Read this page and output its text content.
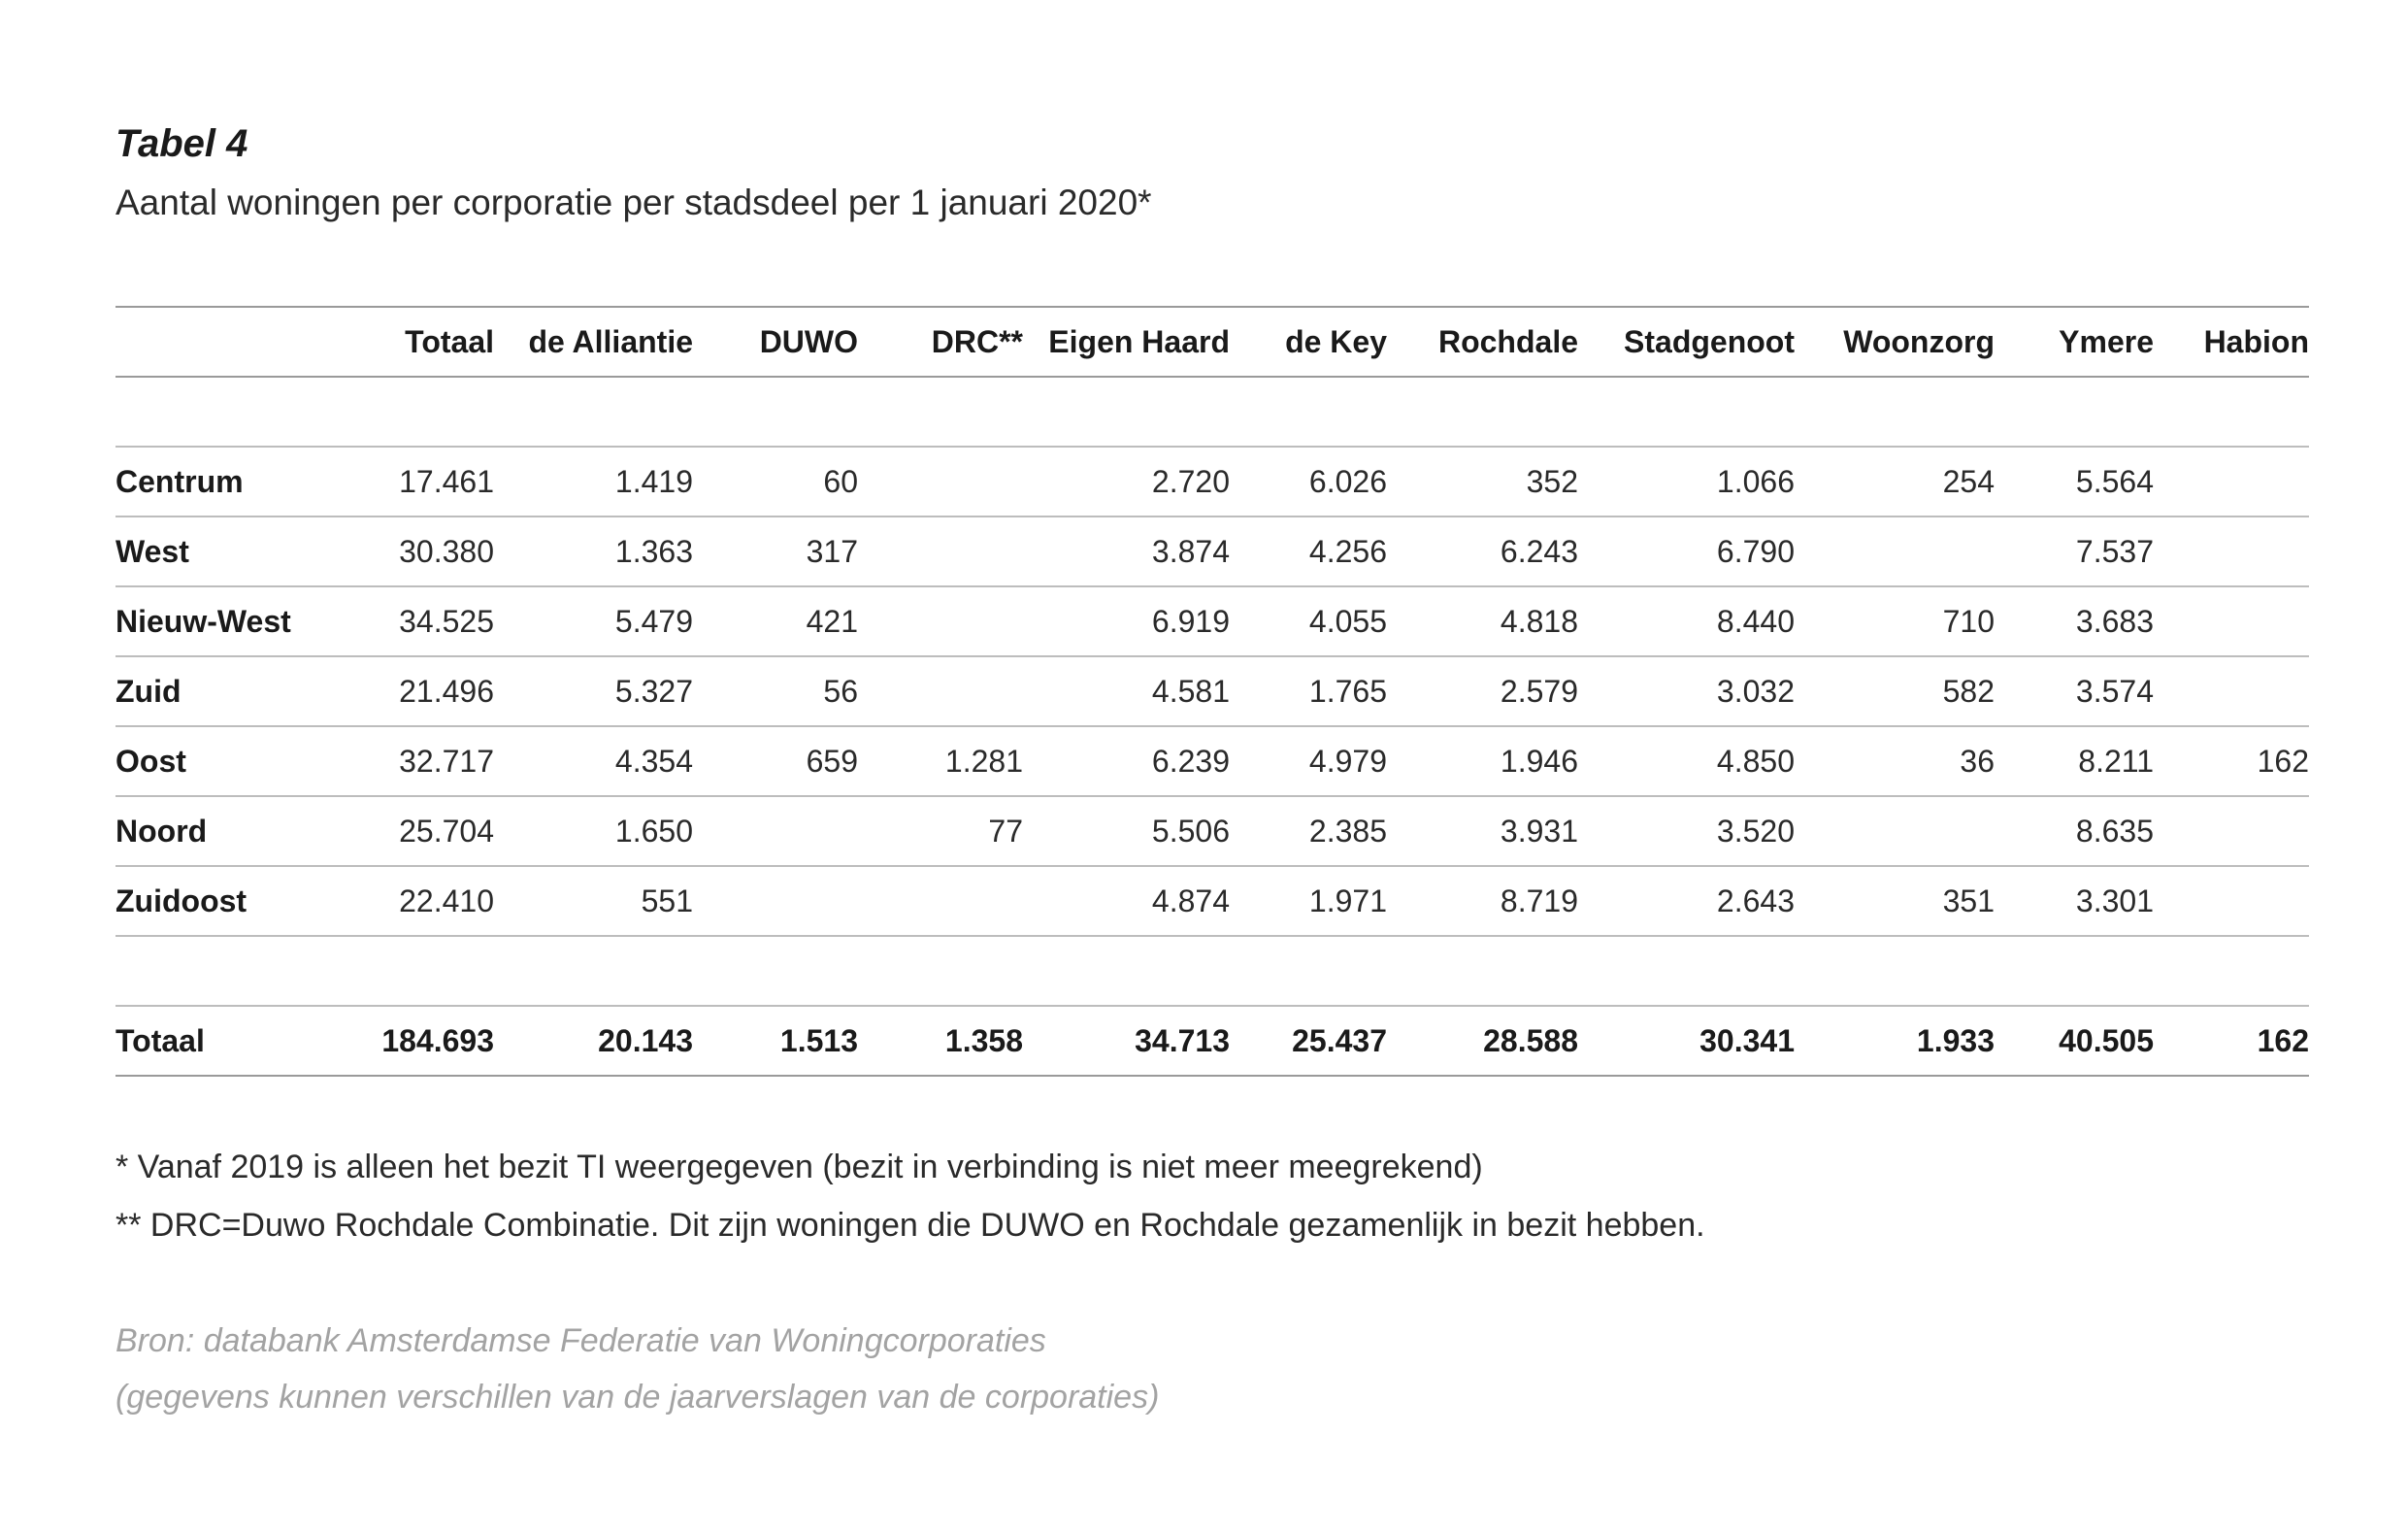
Tabel 4

Aantal woningen per corporatie per stadsdeel per 1 januari 2020*

	Totaal	de Alliantie	DUWO	DRC**	Eigen Haard	de Key	Rochdale	Stadgenoot	Woonzorg	Ymere	Habion

Centrum	17.461	1.419	60		2.720	6.026	352	1.066	254	5.564	
West	30.380	1.363	317		3.874	4.256	6.243	6.790		7.537	
Nieuw-West	34.525	5.479	421		6.919	4.055	4.818	8.440	710	3.683	
Zuid	21.496	5.327	56		4.581	1.765	2.579	3.032	582	3.574	
Oost	32.717	4.354	659	1.281	6.239	4.979	1.946	4.850	36	8.211	162
Noord	25.704	1.650		77	5.506	2.385	3.931	3.520		8.635	
Zuidoost	22.410	551			4.874	1.971	8.719	2.643	351	3.301	

Totaal	184.693	20.143	1.513	1.358	34.713	25.437	28.588	30.341	1.933	40.505	162

* Vanaf 2019 is alleen het bezit TI weergegeven (bezit in verbinding is niet meer meegrekend)

** DRC=Duwo Rochdale Combinatie. Dit zijn woningen die DUWO en Rochdale gezamenlijk in bezit hebben.

Bron: databank Amsterdamse Federatie van Woningcorporaties

(gegevens kunnen verschillen van de jaarverslagen van de corporaties)
